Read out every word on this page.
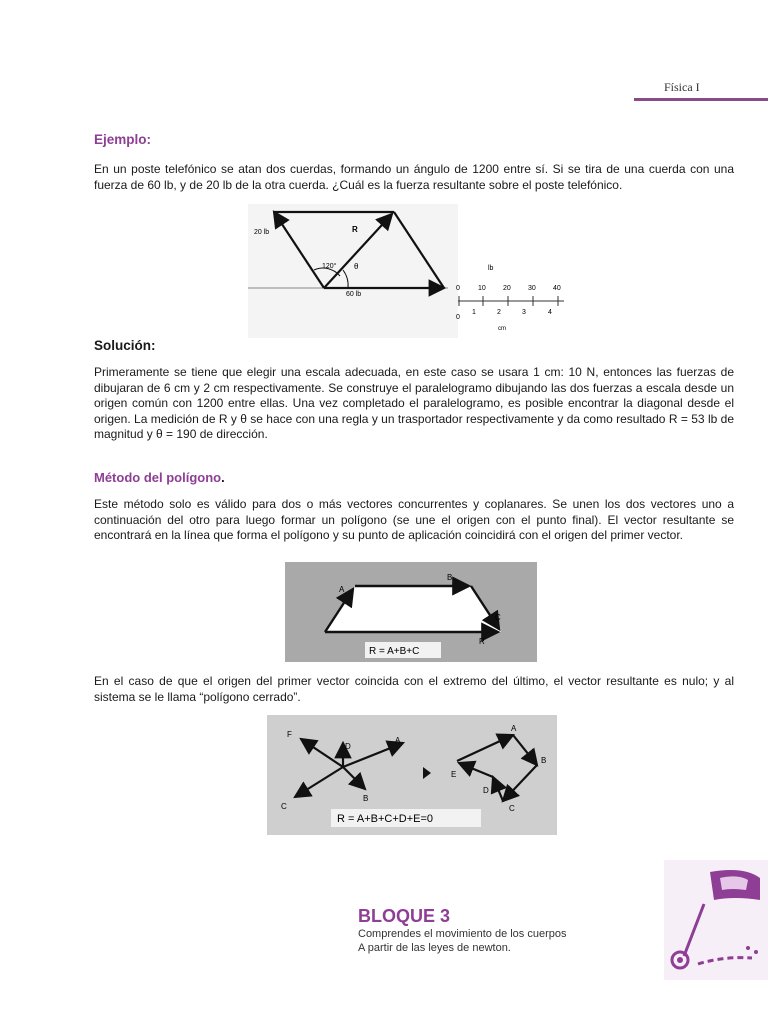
Física I
Ejemplo:
En un poste telefónico se atan dos cuerdas, formando un ángulo de 1200 entre sí. Si se tira de una cuerda con una fuerza de 60 lb, y de 20 lb de la otra cuerda. ¿Cuál es la fuerza resultante sobre el poste telefónico.
20 lb	R
120° θ
60 lb
lb
0	10 20 30 40
0
1	2	3	4
cm
Solución:
Primeramente se tiene que elegir una escala adecuada, en este caso se usara 1 cm: 10 N, entonces las fuerzas de dibujaran de 6 cm y 2 cm respectivamente. Se construye el paralelogramo dibujando las dos fuerzas a escala desde un origen común con 1200 entre ellas. Una vez completado el paralelogramo, es posible encontrar la diagonal desde el origen. La medición de R y θ se hace con una regla y un trasportador respectivamente y da como resultado R = 53 lb de magnitud y θ = 190 de dirección.
Método del polígono.
Este método solo es válido para dos o más vectores concurrentes y coplanares. Se unen los dos vectores uno a continuación del otro para luego formar un polígono (se une el origen con el punto final). El vector resultante se encontrará en la línea que forma el polígono y su punto de aplicación coincidirá con el origen del primer vector.
A
B
C
R
R = A+B+C
En el caso de que el origen del primer vector coincida con el extremo del último, el vector resultante es nulo; y al sistema se le llama “polígono cerrado”.
F
D
A
B
C
A
B
C
D
E
R = A+B+C+D+E=0
BLOQUE 3
Comprendes el movimiento de los cuerpos
A partir de las leyes de newton.
